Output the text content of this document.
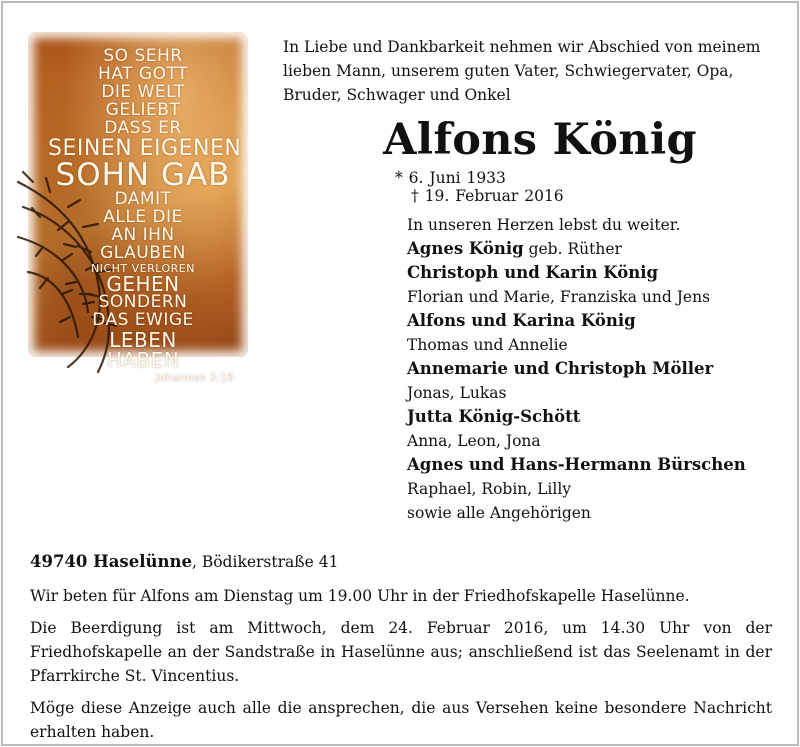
SO SEHR
HAT GOTT
DIE WELT
GELIEBT
DASS ER
SEINEN EIGENEN
SOHN GAB
DAMIT
ALLE DIE
AN IHN
GLAUBEN
NICHT VERLOREN
GEHEN
SONDERN
DAS EWIGE
LEBEN
HABEN
Johannes 3:16

In Liebe und Dankbarkeit nehmen wir Abschied von meinem

lieben Mann, unserem guten Vater, Schwiegervater, Opa,

Bruder, Schwager und Onkel

Alfons König
* 6. Juni 1933 † 19. Februar 2016
In unseren Herzen lebst du weiter.
Agnes König geb. Rüther
Christoph und Karin König
Florian und Marie, Franziska und Jens
Alfons und Karina König
Thomas und Annelie
Annemarie und Christoph Möller
Jonas, Lukas
Jutta König-Schött
Anna, Leon, Jona
Agnes und Hans-Hermann Bürschen
Raphael, Robin, Lilly
sowie alle Angehörigen

49740 Haselünne, Bödikerstraße 41

Wir beten für Alfons am Dienstag um 19.00 Uhr in der Friedhofskapelle Haselünne.

Die Beerdigung ist am Mittwoch, dem 24. Februar 2016, um 14.30 Uhr von der Friedhofskapelle an der Sandstraße in Haselünne aus; anschließend ist das Seelenamt in der Pfarrkirche St. Vincentius.

Möge diese Anzeige auch alle die ansprechen, die aus Versehen keine besondere Nachricht erhalten haben.
